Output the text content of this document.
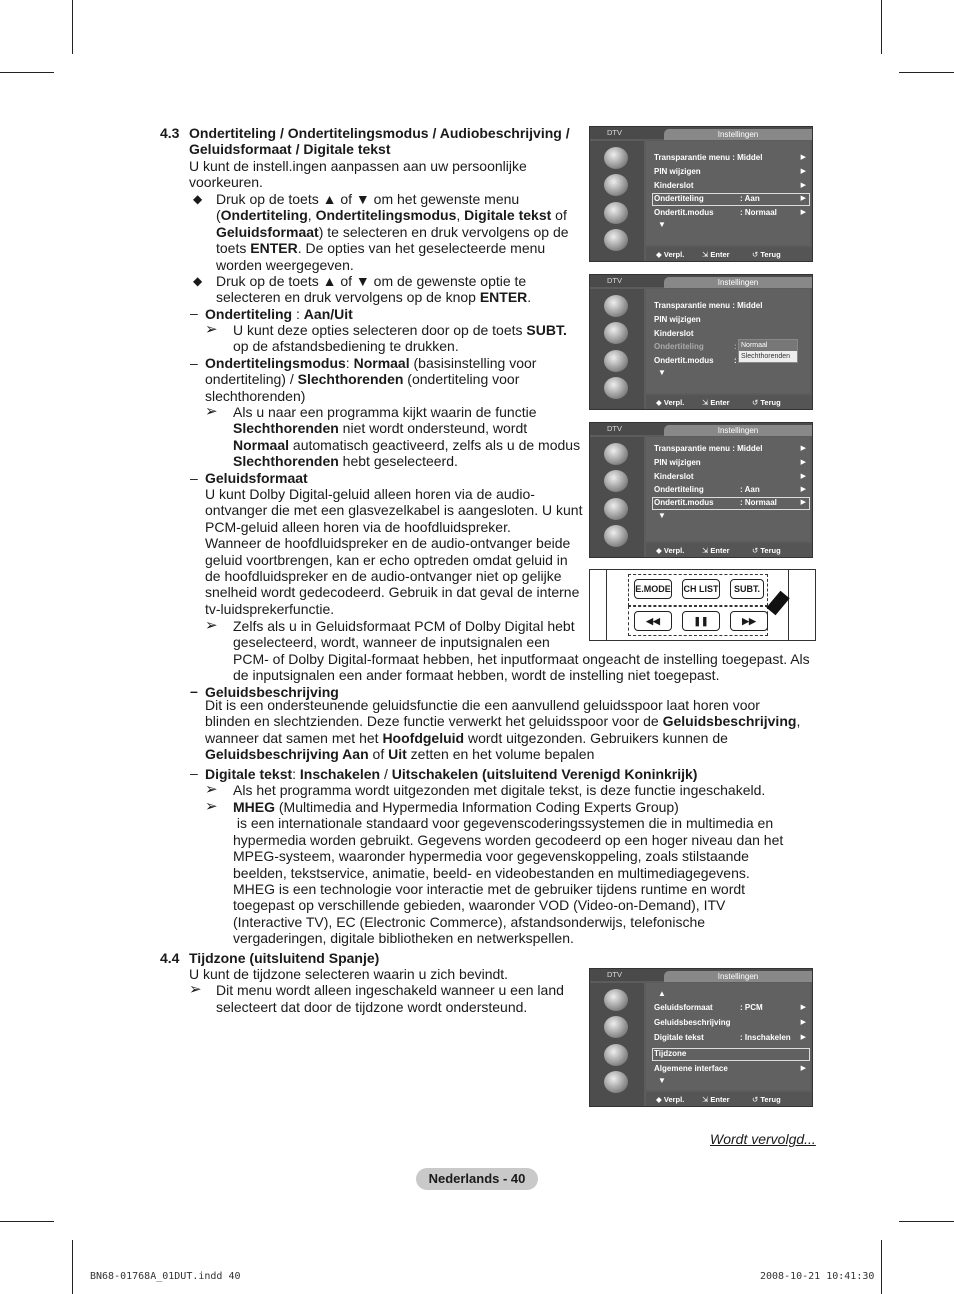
4.3 Ondertiteling / Ondertitelingsmodus / Audiobeschrijving /
Geluidsformaat / Digitale tekst
U kunt de instell.ingen aanpassen aan uw persoonlijke
voorkeuren.
◆ Druk op de toets ▲ of ▼ om het gewenste menu (Ondertiteling, Ondertitelingsmodus, Digitale tekst of Geluidsformaat) te selecteren en druk vervolgens op de toets ENTER. De opties van het geselecteerde menu worden weergegeven.
◆ Druk op de toets ▲ of ▼ om de gewenste optie te selecteren en druk vervolgens op de knop ENTER.
– Ondertiteling : Aan/Uit
➢ U kunt deze opties selecteren door op de toets SUBT. op de afstandsbediening te drukken.
– Ondertitelingsmodus: Normaal (basisinstelling voor ondertiteling) / Slechthorenden (ondertiteling voor slechthorenden)
➢ Als u naar een programma kijkt waarin de functie Slechthorenden niet wordt ondersteund, wordt Normaal automatisch geactiveerd, zelfs als u de modus Slechthorenden hebt geselecteerd.
– Geluidsformaat
U kunt Dolby Digital-geluid alleen horen via de audio-ontvanger die met een glasvezelkabel is aangesloten. U kunt PCM-geluid alleen horen via de hoofdluidspreker.
Wanneer de hoofdluidspreker en de audio-ontvanger beide geluid voortbrengen, kan er echo optreden omdat geluid in de hoofdluidspreker en de audio-ontvanger niet op gelijke snelheid wordt gedecodeerd. Gebruik in dat geval de interne tv-luidsprekerfunctie.
➢ Zelfs als u in Geluidsformaat PCM of Dolby Digital hebt geselecteerd, wordt, wanneer de inputsignalen een
PCM- of Dolby Digital-formaat hebben, het inputformaat ongeacht de instelling toegepast. Als de inputsignalen een ander formaat hebben, wordt de instelling niet toegepast.
– Geluidsbeschrijving
Dit is een ondersteunende geluidsfunctie die een aanvullend geluidsspoor laat horen voor blinden en slechtzienden. Deze functie verwerkt het geluidsspoor voor de Geluidsbeschrijving, wanneer dat samen met het Hoofdgeluid wordt uitgezonden. Gebruikers kunnen de Geluidsbeschrijving Aan of Uit zetten en het volume bepalen
– Digitale tekst: Inschakelen / Uitschakelen (uitsluitend Verenigd Koninkrijk)
➢ Als het programma wordt uitgezonden met digitale tekst, is deze functie ingeschakeld.
➢ MHEG (Multimedia and Hypermedia Information Coding Experts Group)
is een internationale standaard voor gegevenscoderingssystemen die in multimedia en hypermedia worden gebruikt. Gegevens worden gecodeerd op een hoger niveau dan het MPEG-systeem, waaronder hypermedia voor gegevenskoppeling, zoals stilstaande beelden, tekstservice, animatie, beeld- en videobestanden en multimediagegevens. MHEG is een technologie voor interactie met de gebruiker tijdens runtime en wordt toegepast op verschillende gebieden, waaronder VOD (Video-on-Demand), ITV (Interactive TV), EC (Electronic Commerce), afstandsonderwijs, telefonische vergaderingen, digitale bibliotheken en netwerkspellen.
4.4 Tijdzone (uitsluitend Spanje)
U kunt de tijdzone selecteren waarin u zich bevindt.
➢ Dit menu wordt alleen ingeschakeld wanneer u een land
selecteert dat door de tijdzone wordt ondersteund.
DTV	Instellingen
Transparantie menu : Middel	▶
PIN wijzigen	▶
Kinderslot	▶
Ondertiteling	: Aan	▶
Ondertit.modus	: Normaal	▶
▼
◆ Verpl. ⇲ Enter	↺ Terug
DTV	Instellingen
Transparantie menu : Middel
PIN wijzigen
Kinderslot
Ondertiteling	:
Ondertit.modus	:
Normaal
Slechthorenden
▼
◆ Verpl. ⇲ Enter	↺ Terug
DTV	Instellingen
Transparantie menu : Middel	▶
PIN wijzigen	▶
Kinderslot	▶
Ondertiteling	: Aan	▶
Ondertit.modus	: Normaal	▶
▼
◆ Verpl. ⇲ Enter	↺ Terug
E.MODE CH LIST	SUBT.
◀◀	❚❚	▶▶
DTV	Instellingen
▲
Geluidsformaat	: PCM	▶
Geluidsbeschrijving	▶
Digitale tekst	: Inschakelen ▶
Tijdzone
Algemene interface	▶
▼
◆ Verpl. ⇲ Enter	↺ Terug
Wordt vervolgd...
Nederlands - 40
BN68-01768A_01DUT.indd 40	2008-10-21 10:41:30
